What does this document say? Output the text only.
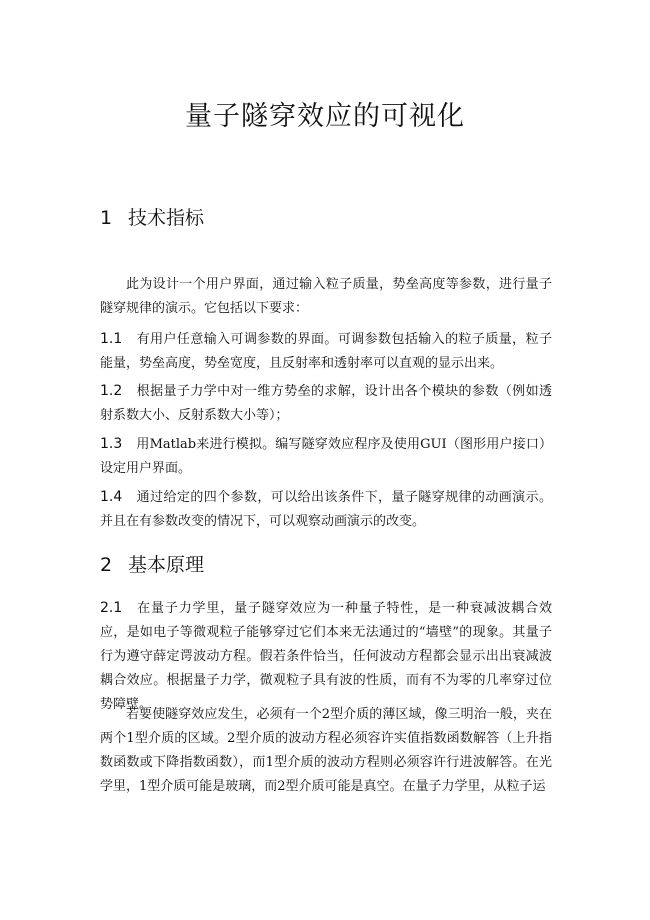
量子隧穿效应的可视化
1 技术指标
此为设计一个用户界面，通过输入粒子质量，势垒高度等参数，进行量子隧穿规律的演示。它包括以下要求：
1.1 有用户任意输入可调参数的界面。可调参数包括输入的粒子质量，粒子能量，势垒高度，势垒宽度，且反射率和透射率可以直观的显示出来。
1.2 根据量子力学中对一维方势垒的求解，设计出各个模块的参数（例如透射系数大小、反射系数大小等）；
1.3 用Matlab来进行模拟。编写隧穿效应程序及使用GUI（图形用户接口）设定用户界面。
1.4 通过给定的四个参数，可以给出该条件下，量子隧穿规律的动画演示。并且在有参数改变的情况下，可以观察动画演示的改变。
2 基本原理
2.1 在量子力学里，量子隧穿效应为一种量子特性，是一种衰减波耦合效应，是如电子等微观粒子能够穿过它们本来无法通过的“墙壁”的现象。其量子行为遵守薛定谔波动方程。假若条件恰当，任何波动方程都会显示出出衰减波耦合效应。根据量子力学，微观粒子具有波的性质，而有不为零的几率穿过位势障壁。
若要使隧穿效应发生，必须有一个2型介质的薄区域，像三明治一般，夹在两个1型介质的区域。2型介质的波动方程必须容许实值指数函数解答（上升指数函数或下降指数函数），而1型介质的波动方程则必须容许行进波解答。在光学里，1型介质可能是玻璃，而2型介质可能是真空。在量子力学里，从粒子运
